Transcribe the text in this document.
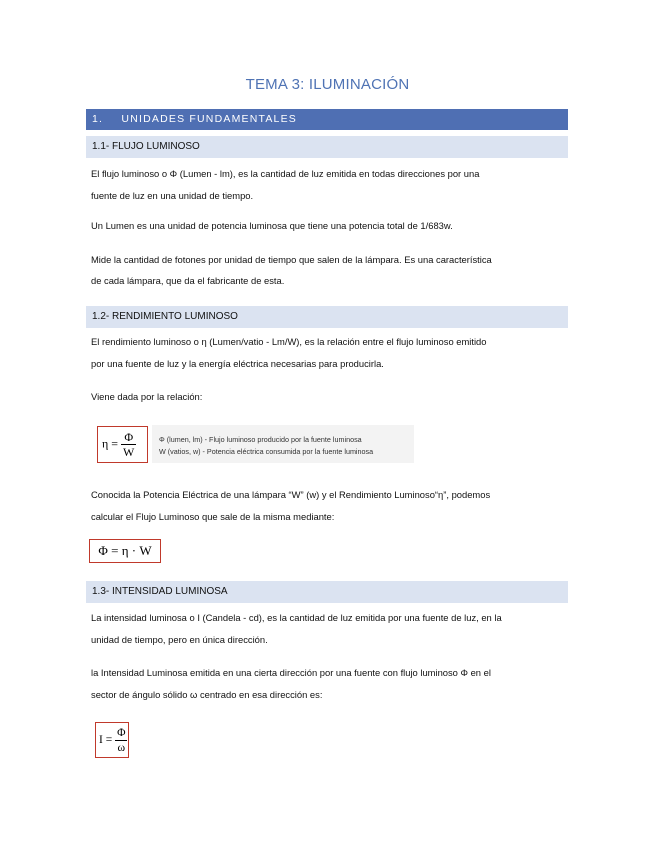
TEMA 3: ILUMINACIÓN
1. UNIDADES FUNDAMENTALES
1.1- FLUJO LUMINOSO

El flujo luminoso o Φ (Lumen - lm), es la cantidad de luz emitida en todas direcciones por una

fuente de luz en una unidad de tiempo.

Un Lumen es una unidad de potencia luminosa que tiene una potencia total de 1/683w.

Mide la cantidad de fotones por unidad de tiempo que salen de la lámpara. Es una característica

de cada lámpara, que da el fabricante de esta.

1.2- RENDIMIENTO LUMINOSO

El rendimiento luminoso o η (Lumen/vatio - Lm/W), es la relación entre el flujo luminoso emitido

por una fuente de luz y la energía eléctrica necesarias para producirla.

Viene dada por la relación:

$\eta = \frac{\Phi}{W}$	Φ (lumen, lm) - Flujo luminoso producido por la fuente luminosa
W (vatios, w) - Potencia eléctrica consumida por la fuente luminosa

Conocida la Potencia Eléctrica de una lámpara “W” (w) y el Rendimiento Luminoso“η”, podemos

calcular el Flujo Luminoso que sale de la misma mediante:

Φ = η · W
1.3- INTENSIDAD LUMINOSA

La intensidad luminosa o I (Candela - cd), es la cantidad de luz emitida por una fuente de luz, en la

unidad de tiempo, pero en única dirección.

la Intensidad Luminosa emitida en una cierta dirección por una fuente con flujo luminoso Φ en el

sector de ángulo sólido ω centrado en esa dirección es:

$I = \frac{\Phi}{\omega}$
